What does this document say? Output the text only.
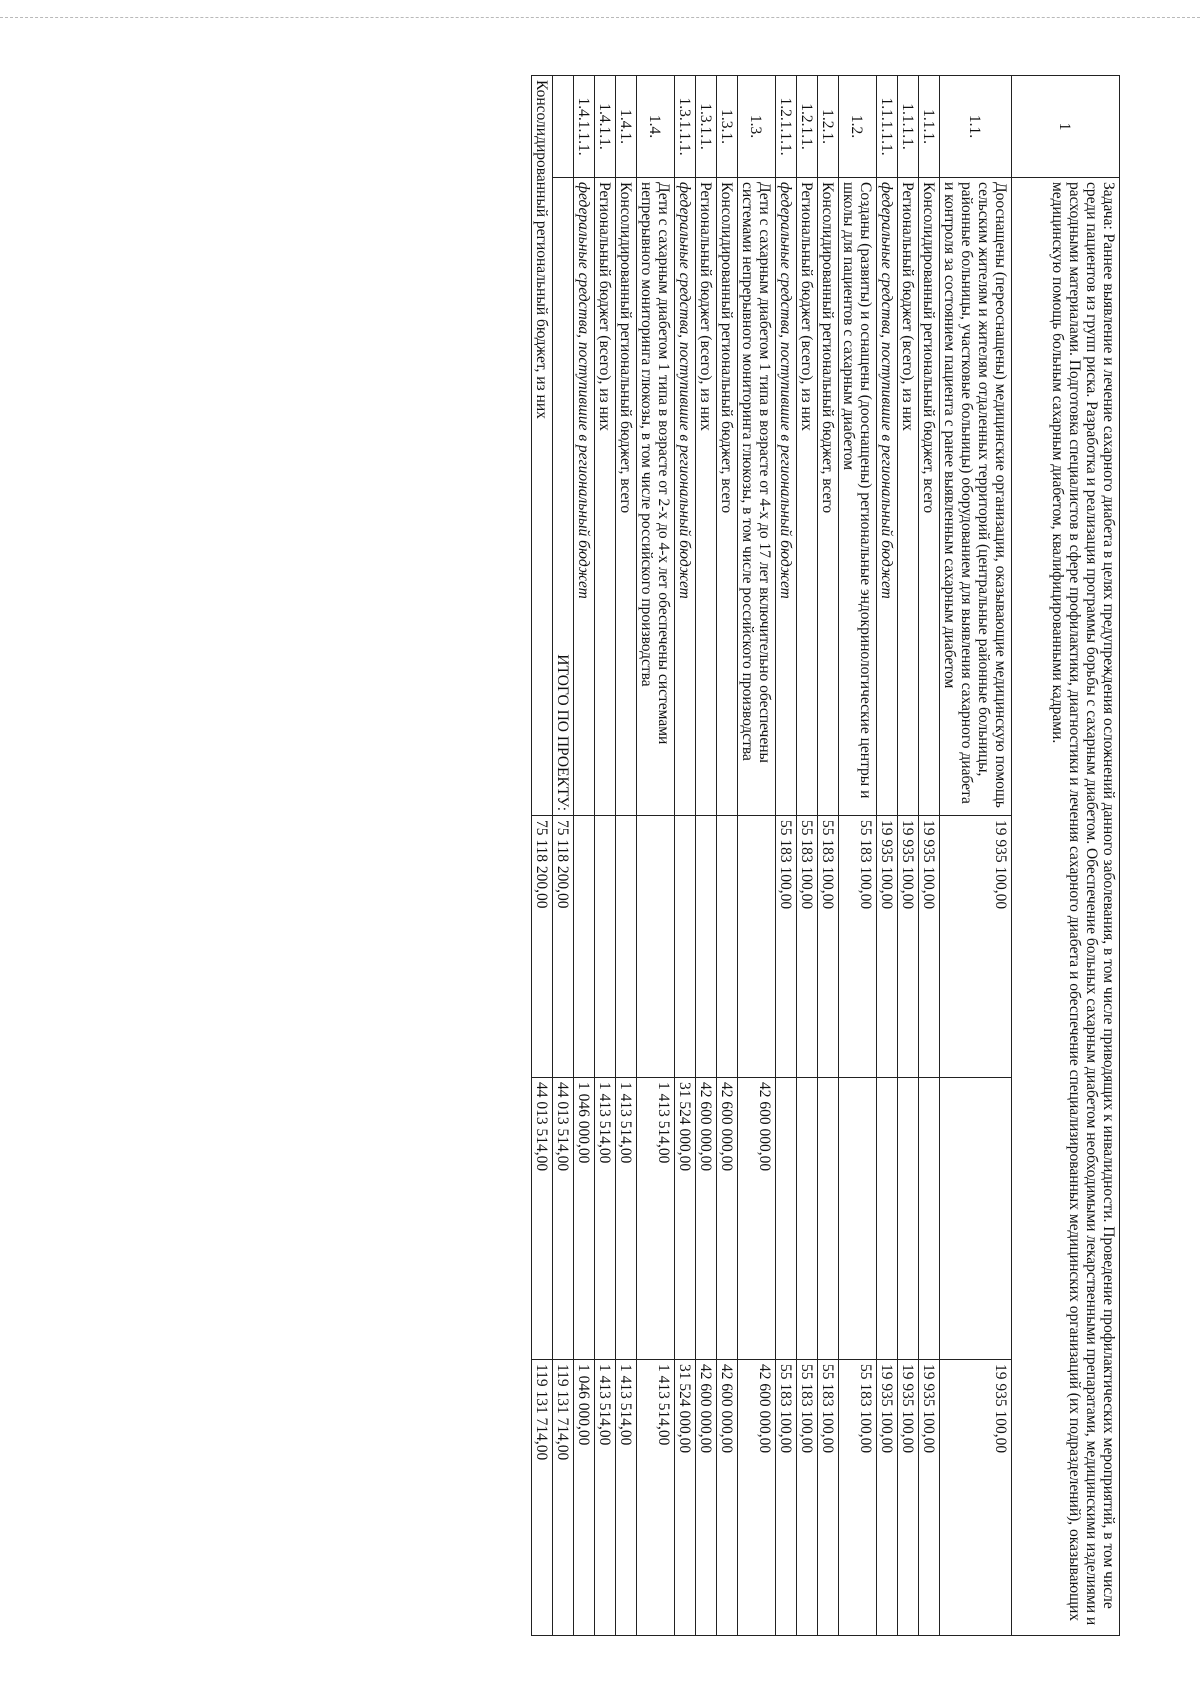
1	Задача: Раннее выявление и лечение сахарного диабета в целях предупреждения осложнений данного заболевания, в том числе приводящих к инвалидности. Проведение профилактических мероприятий, в том числе среди пациентов из групп риска. Разработка и реализация программы борьбы с сахарным диабетом. Обеспечение больных сахарным диабетом необходимыми лекарственными препаратами, медицинскими изделиями и расходными материалами. Подготовка специалистов в сфере профилактики, диагностики и лечения сахарного диабета и обеспечение специализированных медицинских организаций (их подразделений), оказывающих медицинскую помощь больным сахарным диабетом, квалифицированными кадрами.			
1.1.	Дооснащены (переоснащены) медицинские организации, оказывающие медицинскую помощь сельским жителям и жителям отдаленных территорий (центральные районные больницы, районные больницы, участковые больницы) оборудованием для выявления сахарного диабета и контроля за состоянием пациента с ранее выявленным сахарным диабетом	19 935 100,00		19 935 100,00
1.1.1.	Консолидированный региональный бюджет, всего	19 935 100,00		19 935 100,00
1.1.1.1.	Региональный бюджет (всего), из них	19 935 100,00		19 935 100,00
1.1.1.1.1.	федеральные средства, поступившие в региональный бюджет	19 935 100,00		19 935 100,00
1.2.	Созданы (развиты) и оснащены (дооснащены) региональные эндокринологические центры и школы для пациентов с сахарным диабетом	55 183 100,00		55 183 100,00
1.2.1.	Консолидированный региональный бюджет, всего	55 183 100,00		55 183 100,00
1.2.1.1.	Региональный бюджет (всего), из них	55 183 100,00		55 183 100,00
1.2.1.1.1.	федеральные средства, поступившие в региональный бюджет	55 183 100,00		55 183 100,00
1.3.	Дети с сахарным диабетом 1 типа в возрасте от 4-х до 17 лет включительно обеспечены системами непрерывного мониторинга глюкозы, в том числе российского производства		42 600 000,00	42 600 000,00
1.3.1.	Консолидированный региональный бюджет, всего		42 600 000,00	42 600 000,00
1.3.1.1.	Региональный бюджет (всего), из них		42 600 000,00	42 600 000,00
1.3.1.1.1.	федеральные средства, поступившие в региональный бюджет		31 524 000,00	31 524 000,00
1.4.	Дети с сахарным диабетом 1 типа в возрасте от 2-х до 4-х лет обеспечены системами непрерывного мониторинга глюкозы, в том числе российского производства		1 413 514,00	1 413 514,00
1.4.1.	Консолидированный региональный бюджет, всего		1 413 514,00	1 413 514,00
1.4.1.1.	Региональный бюджет (всего), из них		1 413 514,00	1 413 514,00
1.4.1.1.1.	федеральные средства, поступившие в региональный бюджет		1 046 000,00	1 046 000,00
	ИТОГО ПО ПРОЕКТУ:	75 118 200,00	44 013 514,00	119 131 714,00
Консолидированный региональный бюджет, из них		75 118 200,00	44 013 514,00	119 131 714,00
